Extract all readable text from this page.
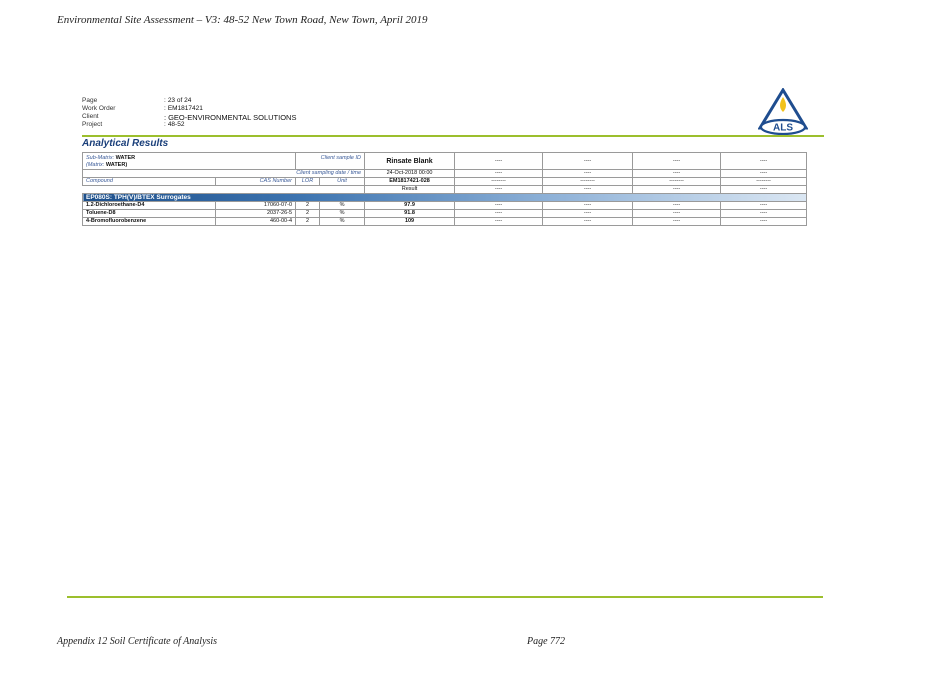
Environmental Site Assessment – V3: 48-52 New Town Road, New Town, April 2019
Page	: 23 of 24
Work Order	: EM1817421
Client	: GEO-ENVIRONMENTAL SOLUTIONS
Project	: 48-52	ALS
Analytical Results
Sub-Matrix: WATER
(Matrix: WATER)		Client sample ID		Rinsate Blank	----	----	----	----
Client sampling date / time				24-Oct-2018 00:00	----	----	----	----
Compound	CAS Number	LOR	Unit	EM1817421-028	--------	--------	--------	--------
				Result	----	----	----	----
EP080S: TPH(V)/BTEX Surrogates								
1.2-Dichloroethane-D4	17060-07-0	2	%	97.9	----	----	----	----
Toluene-D8	2037-26-5	2	%	91.8	----	----	----	----
4-Bromofluorobenzene	460-00-4	2	%	109	----	----	----	----
Appendix 12 Soil Certificate of Analysis	Page 772
